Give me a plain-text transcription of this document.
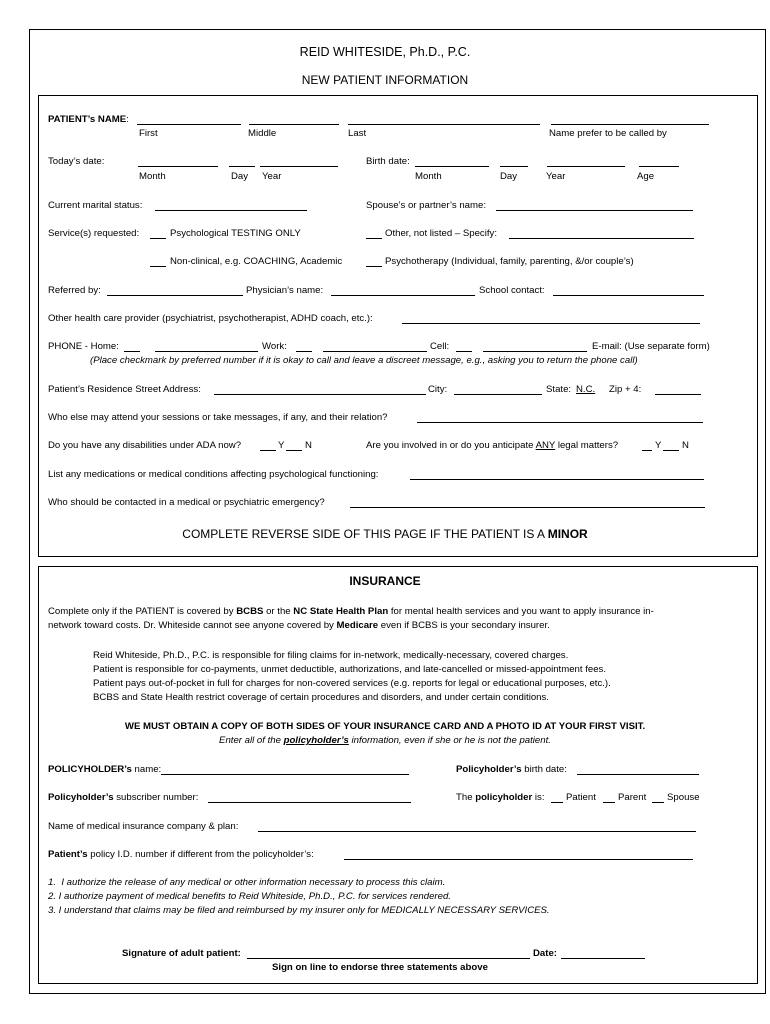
REID WHITESIDE, Ph.D., P.C.
NEW PATIENT INFORMATION
PATIENT’s NAME:
First	Middle	Last	Name prefer to be called by
Today’s date:	Birth date:
Month	Day Year	Month	Day	Year	Age
Current marital status:	Spouse’s or partner’s name:
Service(s) requested:	Psychological TESTING ONLY	Other, not listed – Specify:
Non-clinical, e.g. COACHING, Academic	Psychotherapy (Individual, family, parenting, &/or couple’s)
Referred by:	Physician’s name:	School contact:
Other health care provider (psychiatrist, psychotherapist, ADHD coach, etc.):
PHONE - Home:	Work:	Cell:	E-mail: (Use separate form)
(Place checkmark by preferred number if it is okay to call and leave a discreet message, e.g., asking you to return the phone call)
Patient’s Residence Street Address:	City:	State: N.C. Zip + 4:
Who else may attend your sessions or take messages, if any, and their relation?
Do you have any disabilities under ADA now?	Y N	Are you involved in or do you anticipate ANY legal matters?	Y N
List any medications or medical conditions affecting psychological functioning:
Who should be contacted in a medical or psychiatric emergency?
COMPLETE REVERSE SIDE OF THIS PAGE IF THE PATIENT IS A MINOR
INSURANCE
Complete only if the PATIENT is covered by BCBS or the NC State Health Plan for mental health services and you want to apply insurance in-
network toward costs. Dr. Whiteside cannot see anyone covered by Medicare even if BCBS is your secondary insurer.
Reid Whiteside, Ph.D., P.C. is responsible for filing claims for in-network, medically-necessary, covered charges.
Patient is responsible for co-payments, unmet deductible, authorizations, and late-cancelled or missed-appointment fees.
Patient pays out-of-pocket in full for charges for non-covered services (e.g. reports for legal or educational purposes, etc.).
BCBS and State Health restrict coverage of certain procedures and disorders, and under certain conditions.
WE MUST OBTAIN A COPY OF BOTH SIDES OF YOUR INSURANCE CARD AND A PHOTO ID AT YOUR FIRST VISIT.
Enter all of the policyholder’s information, even if she or he is not the patient.
POLICYHOLDER’s name:	Policyholder’s birth date:
Policyholder’s subscriber number:	The policyholder is: Patient Parent Spouse
Name of medical insurance company & plan:
Patient’s policy I.D. number if different from the policyholder’s:
1.  I authorize the release of any medical or other information necessary to process this claim.
2. I authorize payment of medical benefits to Reid Whiteside, Ph.D., P.C. for services rendered.
3. I understand that claims may be filed and reimbursed by my insurer only for MEDICALLY NECESSARY SERVICES.
Signature of adult patient:	Date:
Sign on line to endorse three statements above
